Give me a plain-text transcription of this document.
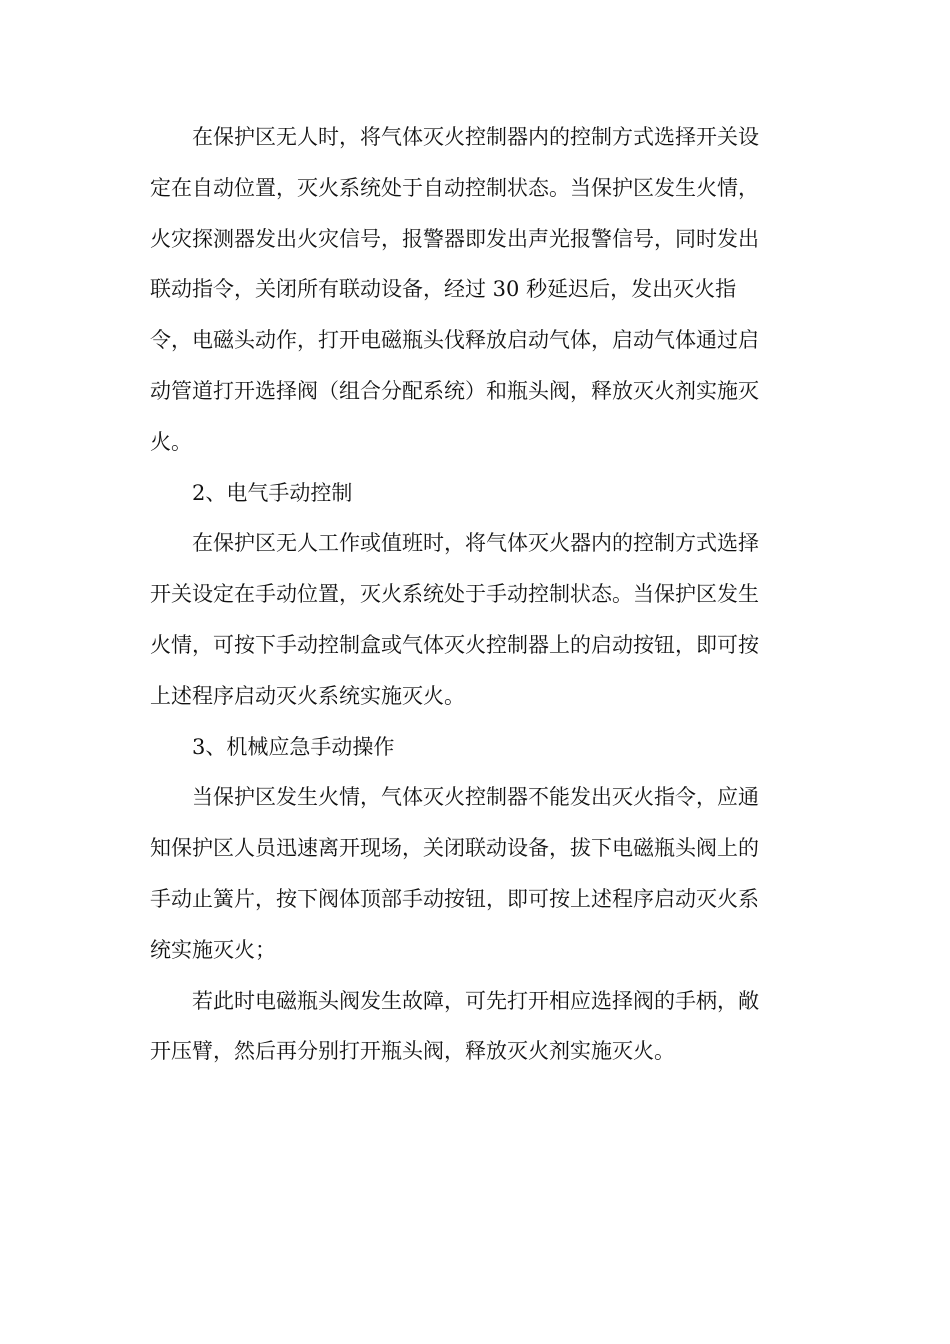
在保护区无人时，将气体灭火控制器内的控制方式选择开关设
定在自动位置，灭火系统处于自动控制状态。当保护区发生火情，
火灾探测器发出火灾信号，报警器即发出声光报警信号，同时发出
联动指令，关闭所有联动设备，经过 30 秒延迟后，发出灭火指
令，电磁头动作，打开电磁瓶头伐释放启动气体，启动气体通过启
动管道打开选择阀（组合分配系统）和瓶头阀，释放灭火剂实施灭
火。
2、电气手动控制
在保护区无人工作或值班时，将气体灭火器内的控制方式选择
开关设定在手动位置，灭火系统处于手动控制状态。当保护区发生
火情，可按下手动控制盒或气体灭火控制器上的启动按钮，即可按
上述程序启动灭火系统实施灭火。
3、机械应急手动操作
当保护区发生火情，气体灭火控制器不能发出灭火指令，应通
知保护区人员迅速离开现场，关闭联动设备，拔下电磁瓶头阀上的
手动止簧片，按下阀体顶部手动按钮，即可按上述程序启动灭火系
统实施灭火；
若此时电磁瓶头阀发生故障，可先打开相应选择阀的手柄，敞
开压臂，然后再分别打开瓶头阀，释放灭火剂实施灭火。
